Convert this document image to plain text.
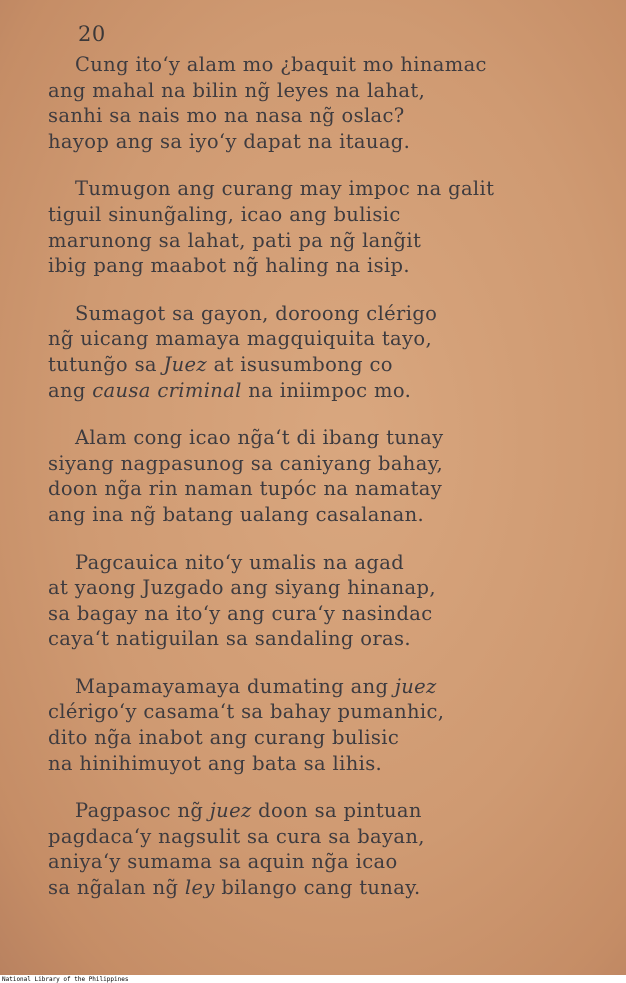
20
Cung ito‘y alam mo ¿baquit mo hinamac
ang mahal na bilin ng̃ leyes na lahat,
sanhi sa nais mo na nasa ng̃ oslac?
hayop ang sa iyo‘y dapat na itauag.
Tumugon ang curang may impoc na galit
tiguil sinung̃aling, icao ang bulisic
marunong sa lahat, pati pa ng̃ lang̃it
ibig pang maabot ng̃ haling na isip.
Sumagot sa gayon, doroong clérigo
ng̃ uicang mamaya magquiquita tayo,
tutung̃o sa Juez at isusumbong co
ang causa criminal na iniimpoc mo.
Alam cong icao ng̃a‘t di ibang tunay
siyang nagpasunog sa caniyang bahay,
doon ng̃a rin naman tupóc na namatay
ang ina ng̃ batang ualang casalanan.
Pagcauica nito‘y umalis na agad
at yaong Juzgado ang siyang hinanap,
sa bagay na ito‘y ang cura‘y nasindac
caya‘t natiguilan sa sandaling oras.
Mapamayamaya dumating ang juez
clérigo‘y casama‘t sa bahay pumanhic,
dito ng̃a inabot ang curang bulisic
na hinihimuyot ang bata sa lihis.
Pagpasoc ng̃ juez doon sa pintuan
pagdaca‘y nagsulit sa cura sa bayan,
aniya‘y sumama sa aquin ng̃a icao
sa ng̃alan ng̃ ley bilango cang tunay.
National Library of the Philippines
